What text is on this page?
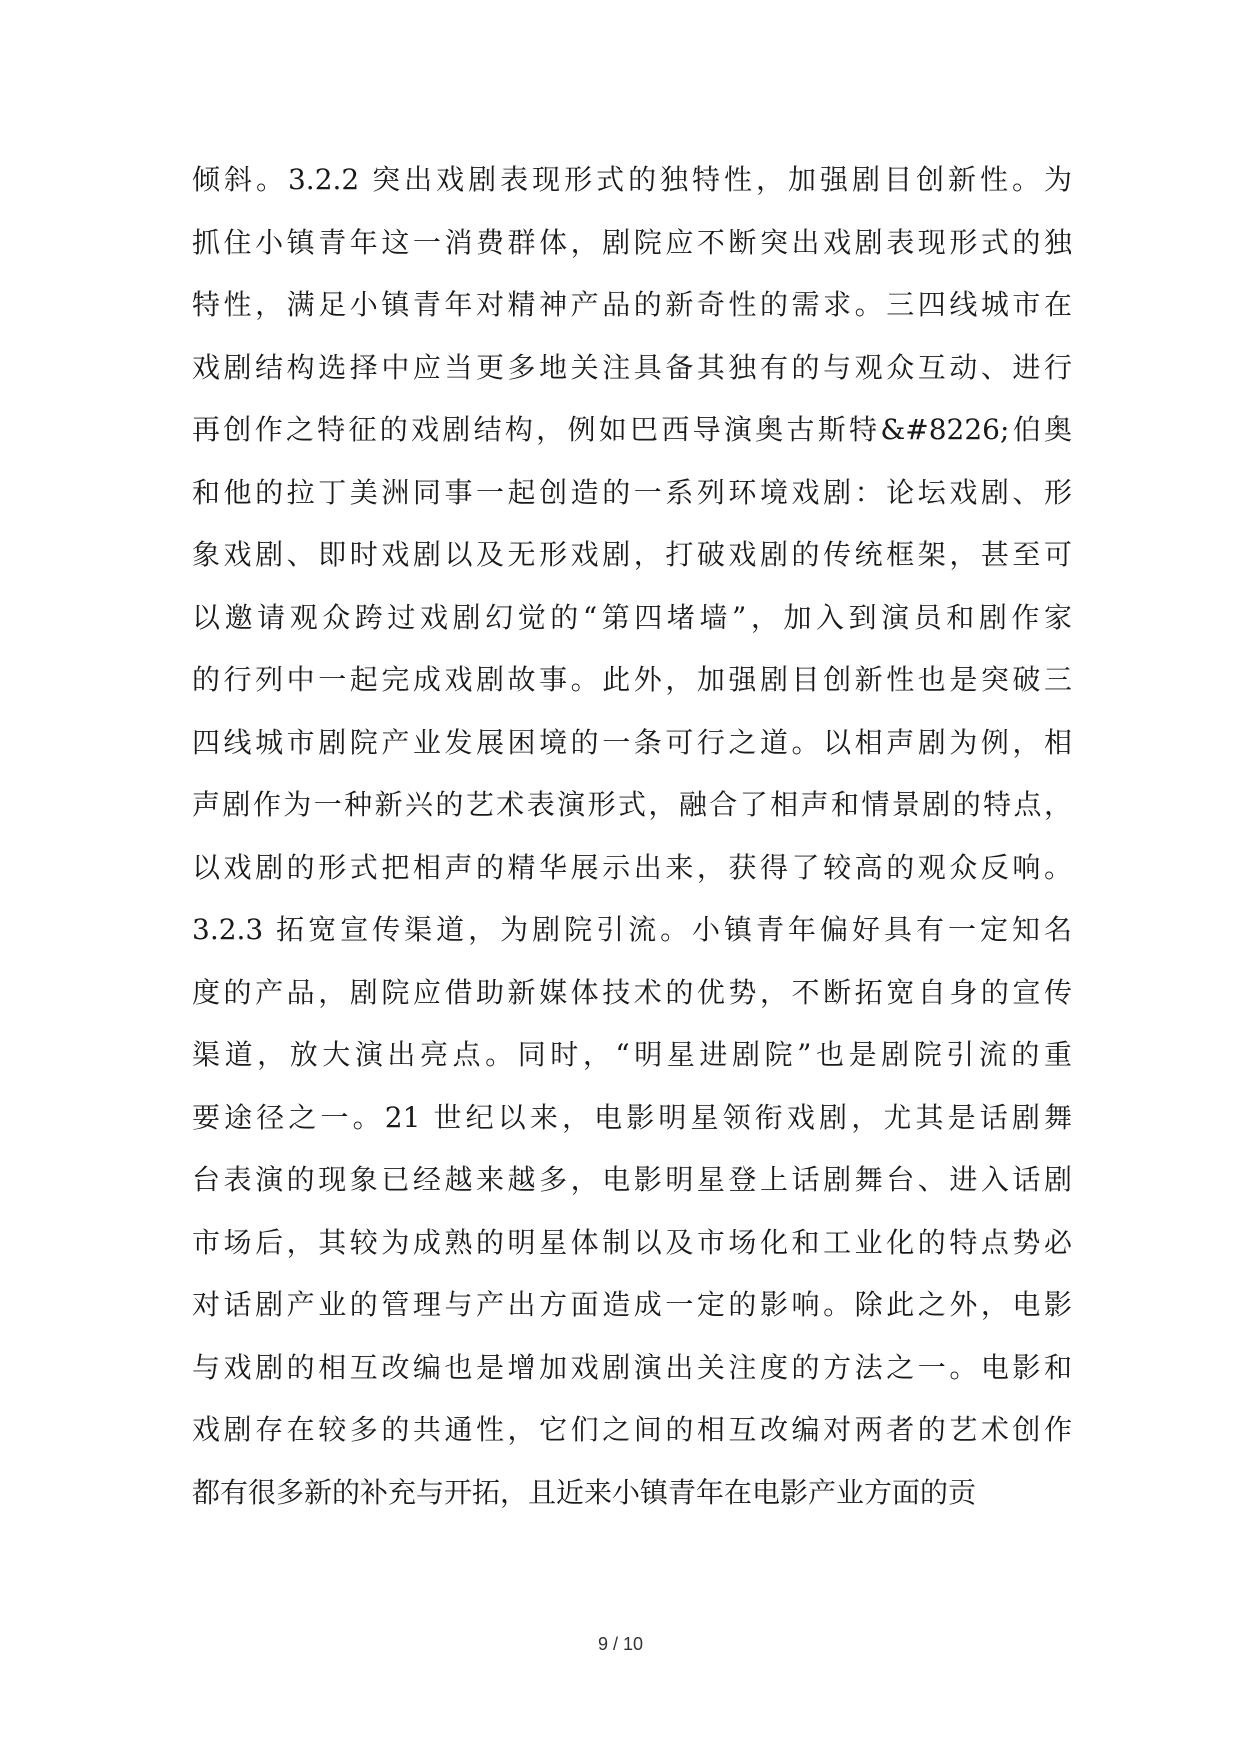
倾斜。3.2.2 突出戏剧表现形式的独特性，加强剧目创新性。为
抓住小镇青年这一消费群体，剧院应不断突出戏剧表现形式的独
特性，满足小镇青年对精神产品的新奇性的需求。三四线城市在
戏剧结构选择中应当更多地关注具备其独有的与观众互动、进行
再创作之特征的戏剧结构，例如巴西导演奥古斯特&#8226;伯奥
和他的拉丁美洲同事一起创造的一系列环境戏剧：论坛戏剧、形
象戏剧、即时戏剧以及无形戏剧，打破戏剧的传统框架，甚至可
以邀请观众跨过戏剧幻觉的“第四堵墙”，加入到演员和剧作家
的行列中一起完成戏剧故事。此外，加强剧目创新性也是突破三
四线城市剧院产业发展困境的一条可行之道。以相声剧为例，相
声剧作为一种新兴的艺术表演形式，融合了相声和情景剧的特点，
以戏剧的形式把相声的精华展示出来，获得了较高的观众反响。
3.2.3 拓宽宣传渠道，为剧院引流。小镇青年偏好具有一定知名
度的产品，剧院应借助新媒体技术的优势，不断拓宽自身的宣传
渠道，放大演出亮点。同时，“明星进剧院”也是剧院引流的重
要途径之一。21 世纪以来，电影明星领衔戏剧，尤其是话剧舞
台表演的现象已经越来越多，电影明星登上话剧舞台、进入话剧
市场后，其较为成熟的明星体制以及市场化和工业化的特点势必
对话剧产业的管理与产出方面造成一定的影响。除此之外，电影
与戏剧的相互改编也是增加戏剧演出关注度的方法之一。电影和
戏剧存在较多的共通性，它们之间的相互改编对两者的艺术创作
都有很多新的补充与开拓，且近来小镇青年在电影产业方面的贡
9 / 10
